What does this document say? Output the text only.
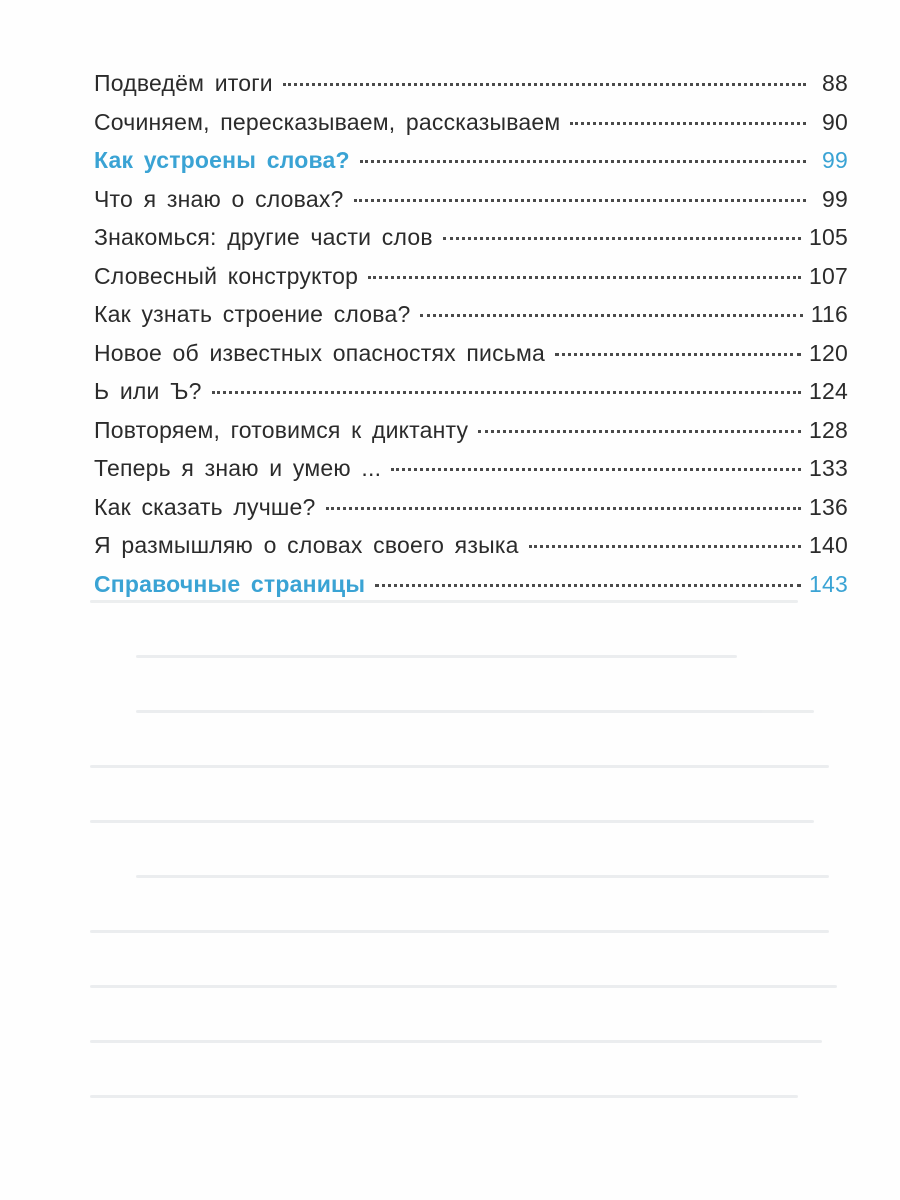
Подведём итоги	88
Сочиняем, пересказываем, рассказываем	90
Как устроены слова?	99
Что я знаю о словах?	99
Знакомься: другие части слов	105
Словесный конструктор	107
Как узнать строение слова?	116
Новое об известных опасностях письма	120
Ь или Ъ?	124
Повторяем, готовимся к диктанту	128
Теперь я знаю и умею ...	133
Как сказать лучше?	136
Я размышляю о словах своего языка	140
Справочные страницы	143
